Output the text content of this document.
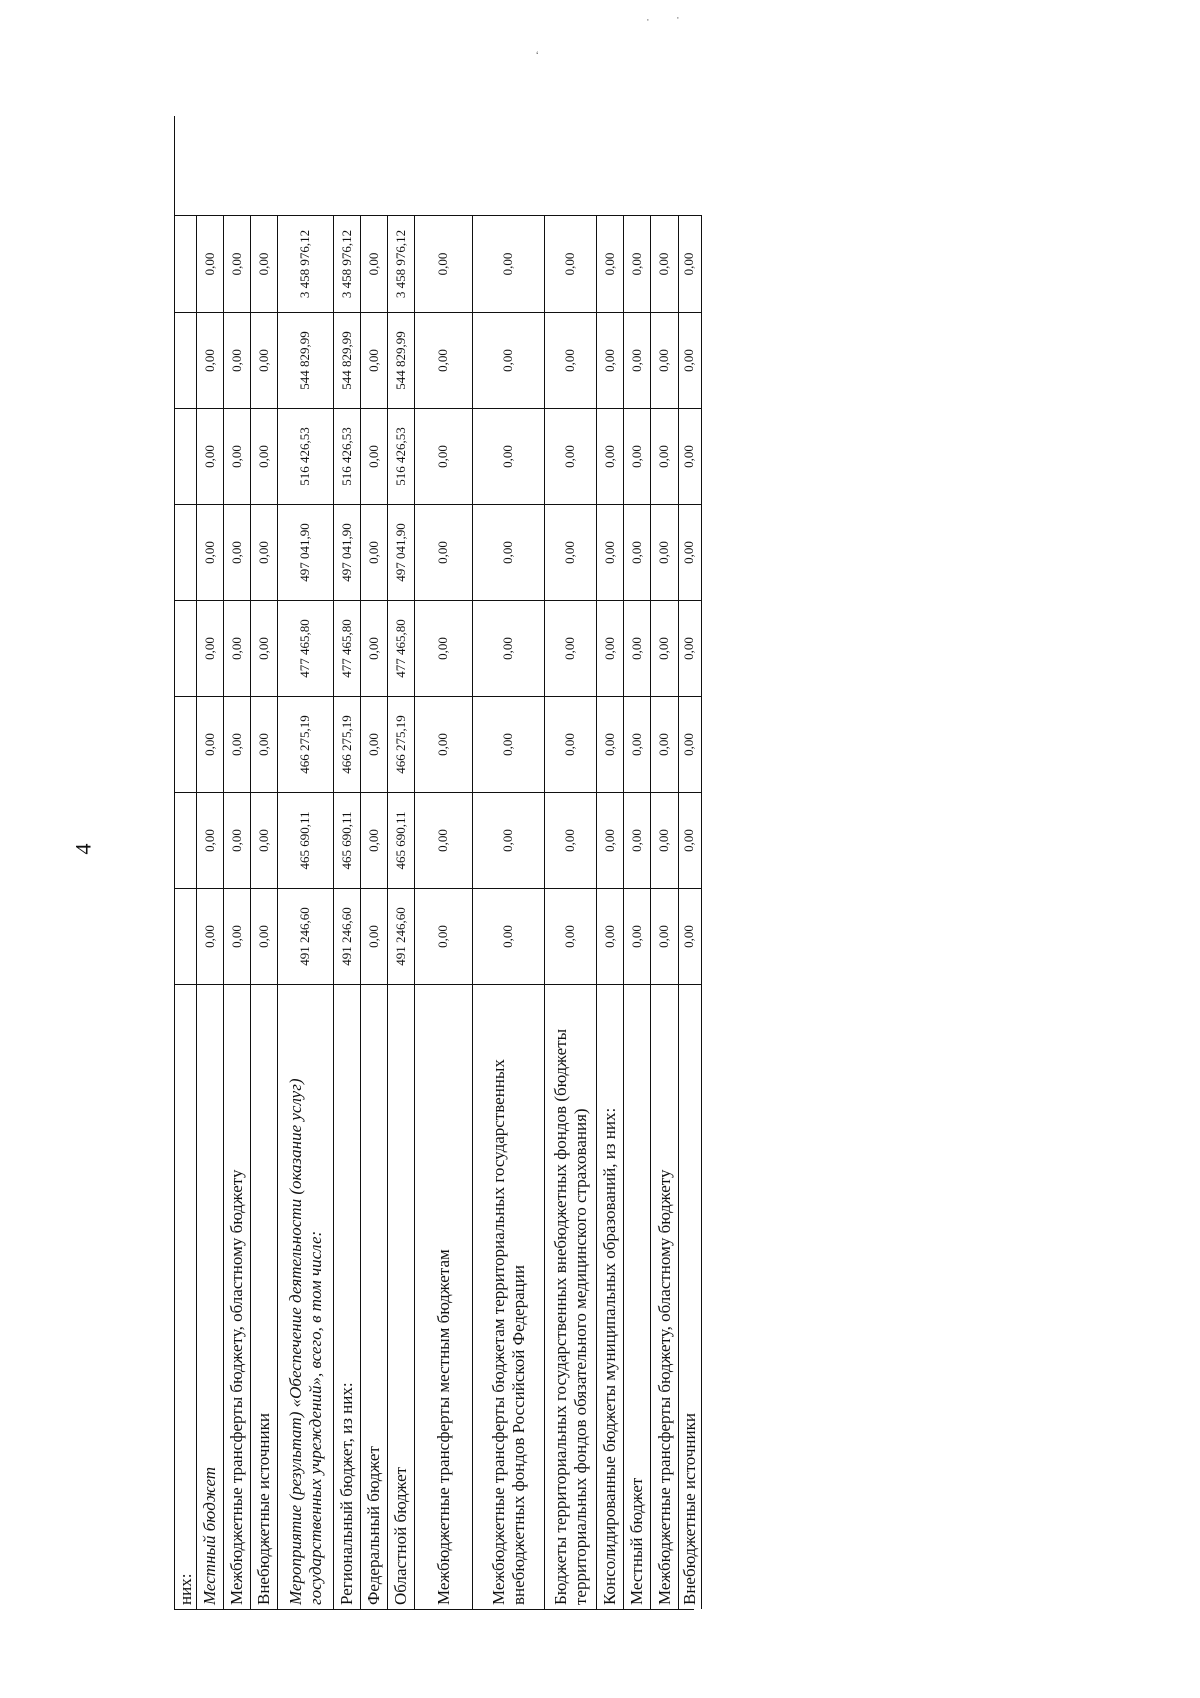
4
‘
· ·
них: Местный бюджет
0,00
0,00
0,00
0,00
0,00
0,00
0,00
0,00
Межбюджетные трансферты бюджету, областному бюджету
0,00
0,00
0,00
0,00
0,00
0,00
0,00
0,00
Внебюджетные источники
0,00
0,00
0,00
0,00
0,00
0,00
0,00
0,00
Мероприятие (результат) «Обеспечение деятельности (оказание услуг) государственных учреждений», всего, в том числе:
491 246,60
465 690,11
466 275,19
477 465,80
497 041,90
516 426,53
544 829,99
3 458 976,12
Региональный бюджет, из них:
491 246,60
465 690,11
466 275,19
477 465,80
497 041,90
516 426,53
544 829,99
3 458 976,12
Федеральный бюджет
0,00
0,00
0,00
0,00
0,00
0,00
0,00
0,00
Областной бюджет
491 246,60
465 690,11
466 275,19
477 465,80
497 041,90
516 426,53
544 829,99
3 458 976,12
Межбюджетные трансферты местным бюджетам
0,00
0,00
0,00
0,00
0,00
0,00
0,00
0,00
Межбюджетные трансферты бюджетам территориальных государственных внебюджетных фондов Российской Федерации
0,00
0,00
0,00
0,00
0,00
0,00
0,00
0,00
Бюджеты территориальных государственных внебюджетных фондов (бюджеты территориальных фондов обязательного медицинского страхования)
0,00
0,00
0,00
0,00
0,00
0,00
0,00
0,00
Консолидированные бюджеты муниципальных образований, из них:
0,00
0,00
0,00
0,00
0,00
0,00
0,00
0,00
Местный бюджет
0,00
0,00
0,00
0,00
0,00
0,00
0,00
0,00
Межбюджетные трансферты бюджету, областному бюджету
0,00
0,00
0,00
0,00
0,00
0,00
0,00
0,00
Внебюджетные источники
0,00
0,00
0,00
0,00
0,00
0,00
0,00
0,00
